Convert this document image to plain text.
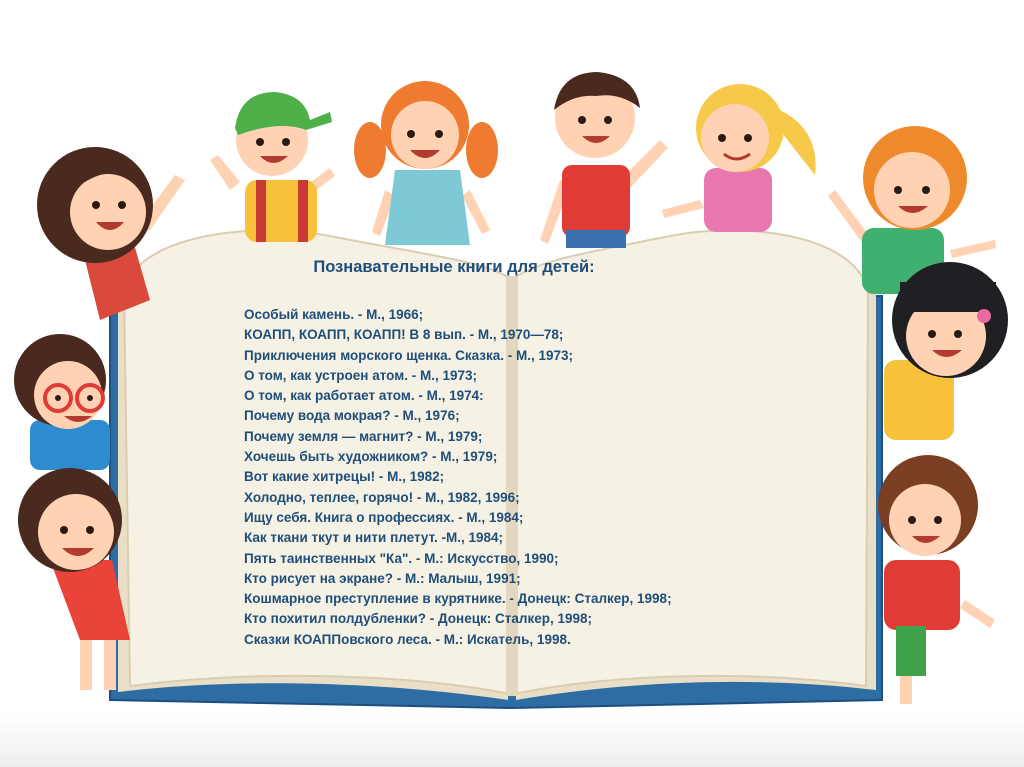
Познавательные книги для детей:
Особый камень. - М., 1966;
КОАПП, КОАПП, КОАПП! В 8 вып. - М., 1970—78;
Приключения морского щенка. Сказка. - М., 1973;
О том, как устроен атом. - М., 1973;
О том, как работает атом. - М., 1974:
Почему вода мокрая? - М., 1976;
Почему земля — магнит? - М., 1979;
Хочешь быть художником? - М., 1979;
Вот какие хитрецы! - М., 1982;
Холодно, теплее, горячо! - М., 1982, 1996;
Ищу себя. Книга о профессиях. - М., 1984;
Как ткани ткут и нити плетут. -М., 1984;
Пять таинственных "Ка". - М.: Искусство, 1990;
Кто рисует на экране? - М.: Малыш, 1991;
Кошмарное преступление в курятнике. - Донецк: Сталкер, 1998;
Кто похитил полдубленки? - Донецк: Сталкер, 1998;
Сказки КОАППовского леса. - М.: Искатель, 1998.
